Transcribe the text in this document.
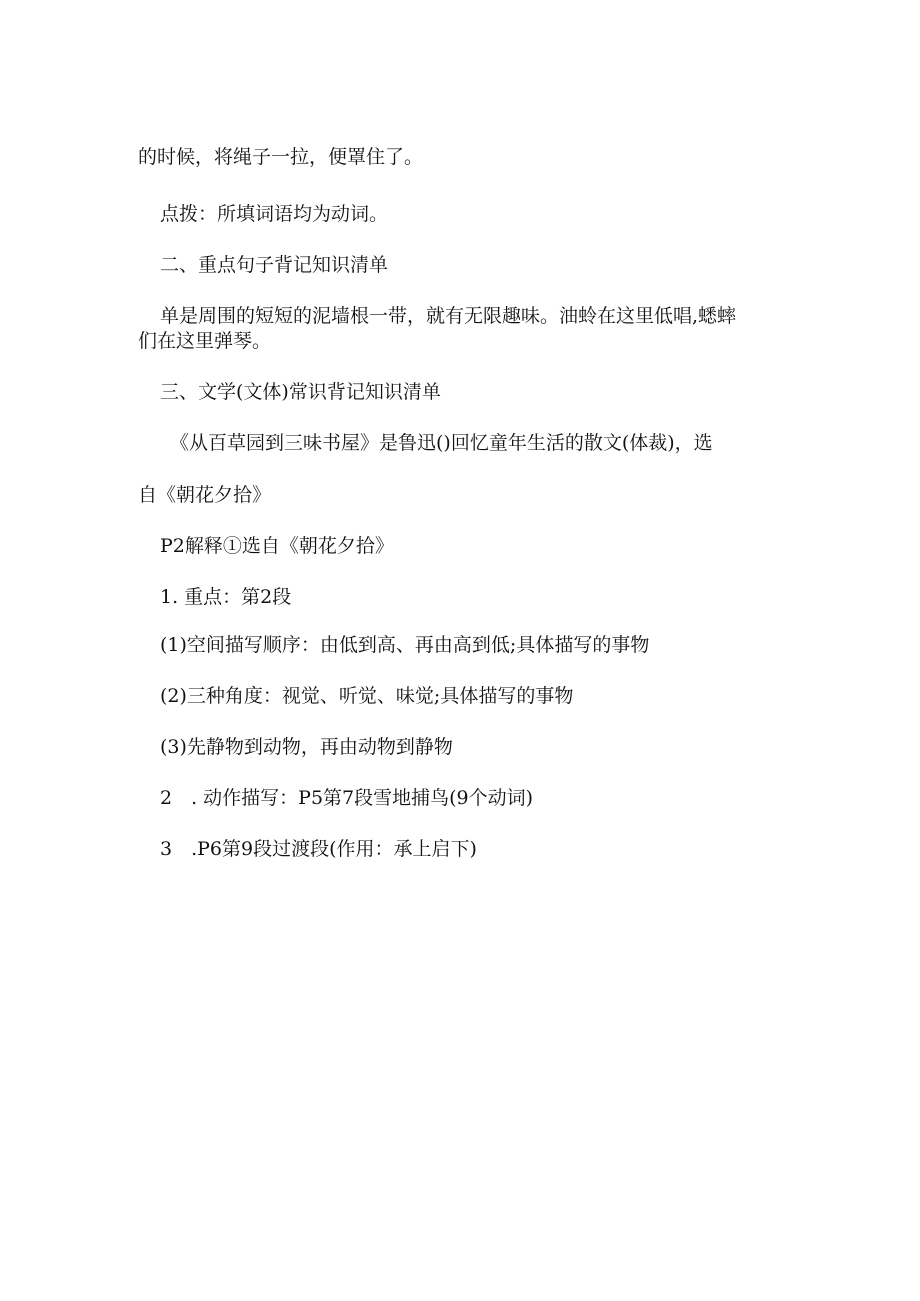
的时候，将绳子一拉，便罩住了。
点拨：所填词语均为动词。
二、重点句子背记知识清单
单是周围的短短的泥墙根一带，就有无限趣味。油蛉在这里低唱,蟋蟀
们在这里弹琴。
三、文学(文体)常识背记知识清单
《从百草园到三味书屋》是鲁迅()回忆童年生活的散文(体裁)，选
自《朝花夕拾》
P2解释①选自《朝花夕拾》
1. 重点：第2段
(1)空间描写顺序：由低到高、再由高到低;具体描写的事物
(2)三种角度：视觉、听觉、味觉;具体描写的事物
(3)先静物到动物，再由动物到静物
2　. 动作描写：P5第7段雪地捕鸟(9个动词)
3　.P6第9段过渡段(作用：承上启下)
